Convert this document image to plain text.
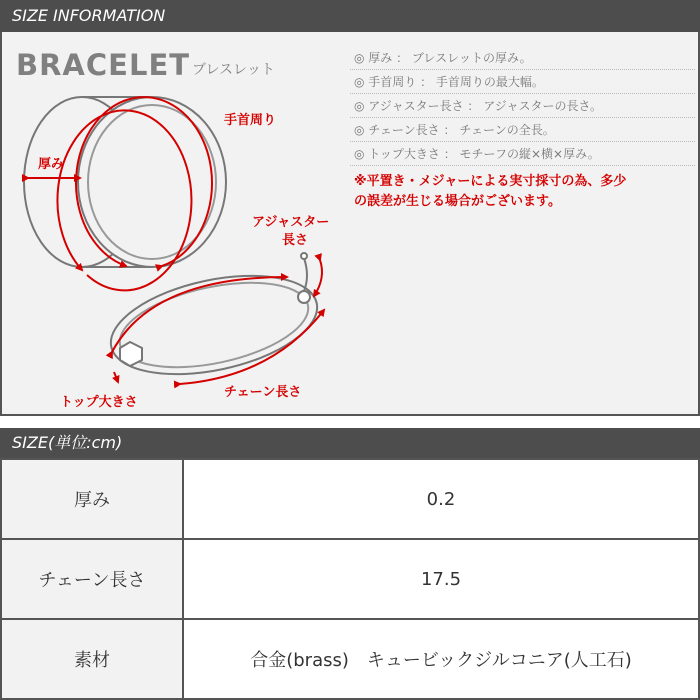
SIZE INFORMATION
BRACELET ブレスレット
厚み
手首周り
アジャスター
長さ
チェーン長さ
トップ大きさ
◎ 厚み ： ブレスレットの厚み。
◎ 手首周り ： 手首周りの最大幅。
◎ アジャスター長さ ： アジャスターの長さ。
◎ チェーン長さ ： チェーンの全長。
◎ トップ大きさ ： モチーフの縦×横×厚み。
※平置き・メジャーによる実寸採寸の為、多少
の誤差が生じる場合がございます。
SIZE(単位:cm)
厚み	0.2
チェーン長さ	17.5
素材	合金(brass)　キュービックジルコニア(人工石)
